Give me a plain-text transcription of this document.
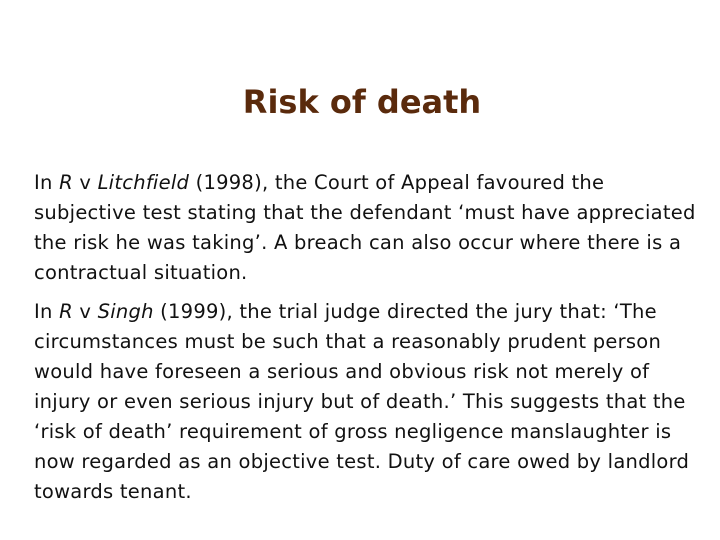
Risk of death

In R v Litchfield (1998), the Court of Appeal favoured the subjective test stating that the defendant ‘must have appreciated the risk he was taking’. A breach can also occur where there is a contractual situation.

In R v Singh (1999), the trial judge directed the jury that: ‘The circumstances must be such that a reasonably prudent person would have foreseen a serious and obvious risk not merely of injury or even serious injury but of death.’ This suggests that the ‘risk of death’ requirement of gross negligence manslaughter is now regarded as an objective test. Duty of care owed by landlord towards tenant.
